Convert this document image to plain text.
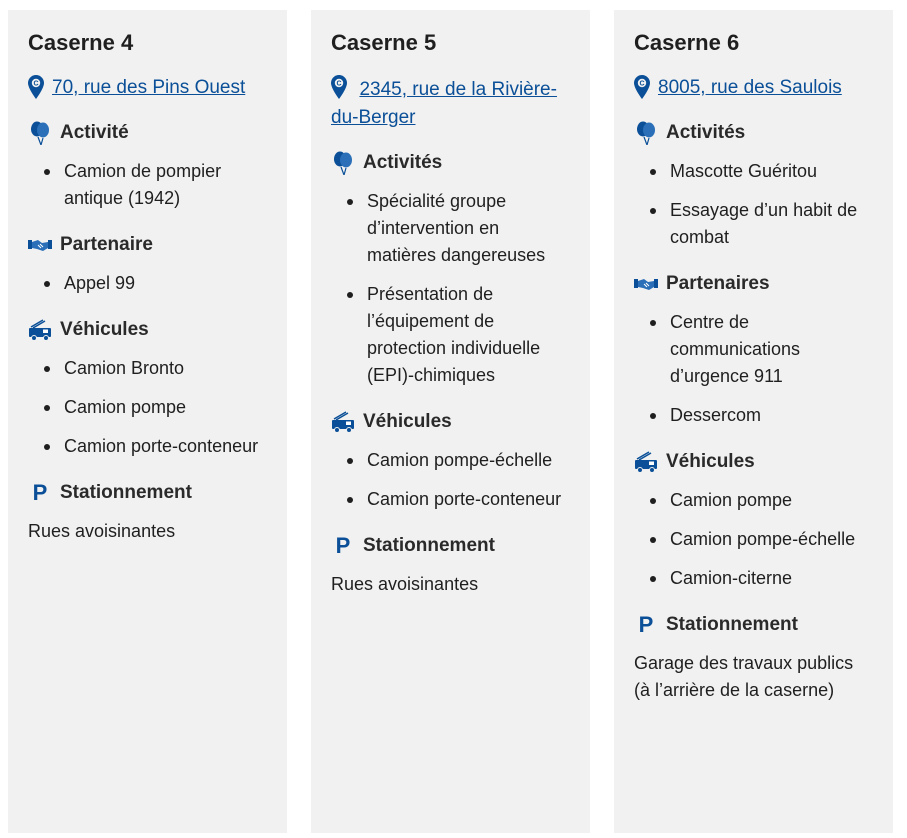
Caserne 4
C 70, rue des Pins Ouest
Activité
Camion de pompier antique (1942)
Partenaire
Appel 99
Véhicules
Camion Bronto
Camion pompe
Camion porte-conteneur
P Stationnement

Rues avoisinantes

Caserne 5
C 2345, rue de la Rivière-du-Berger
Activités
Spécialité groupe d’intervention en matières dangereuses
Présentation de l’équipement de protection individuelle (EPI)-chimiques
Véhicules
Camion pompe-échelle
Camion porte-conteneur
P Stationnement

Rues avoisinantes

Caserne 6
C 8005, rue des Saulois
Activités
Mascotte Guéritou
Essayage d’un habit de combat
Partenaires
Centre de communications d’urgence 911
Dessercom
Véhicules
Camion pompe
Camion pompe-échelle
Camion-citerne
P Stationnement

Garage des travaux publics (à l’arrière de la caserne)
